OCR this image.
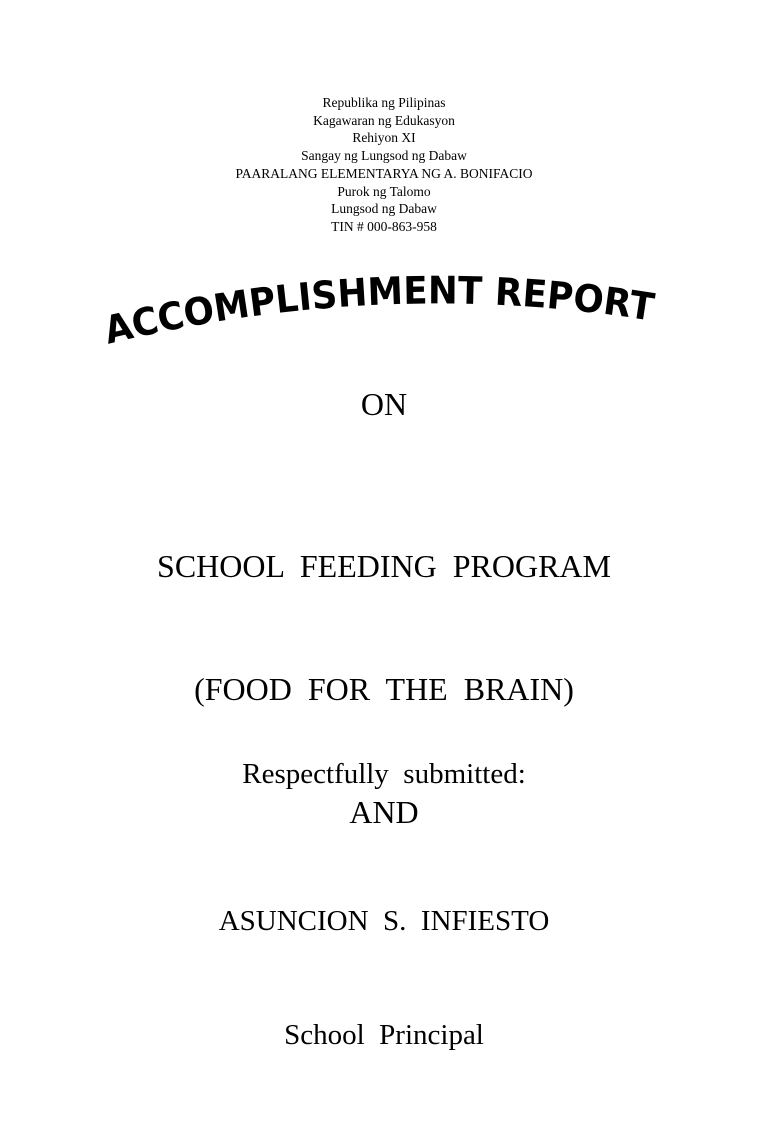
Republika ng Pilipinas
Kagawaran ng Edukasyon
Rehiyon XI
Sangay ng Lungsod ng Dabaw
PAARALANG ELEMENTARYA NG A. BONIFACIO
Purok ng Talomo
Lungsod ng Dabaw
TIN # 000-863-958
ACCOMPLISHMENT REPORT
ON

SCHOOL  FEEDING  PROGRAM

(FOOD  FOR  THE  BRAIN)

AND

Respectfully  submitted:

ASUNCION  S.  INFIESTO

School  Principal
